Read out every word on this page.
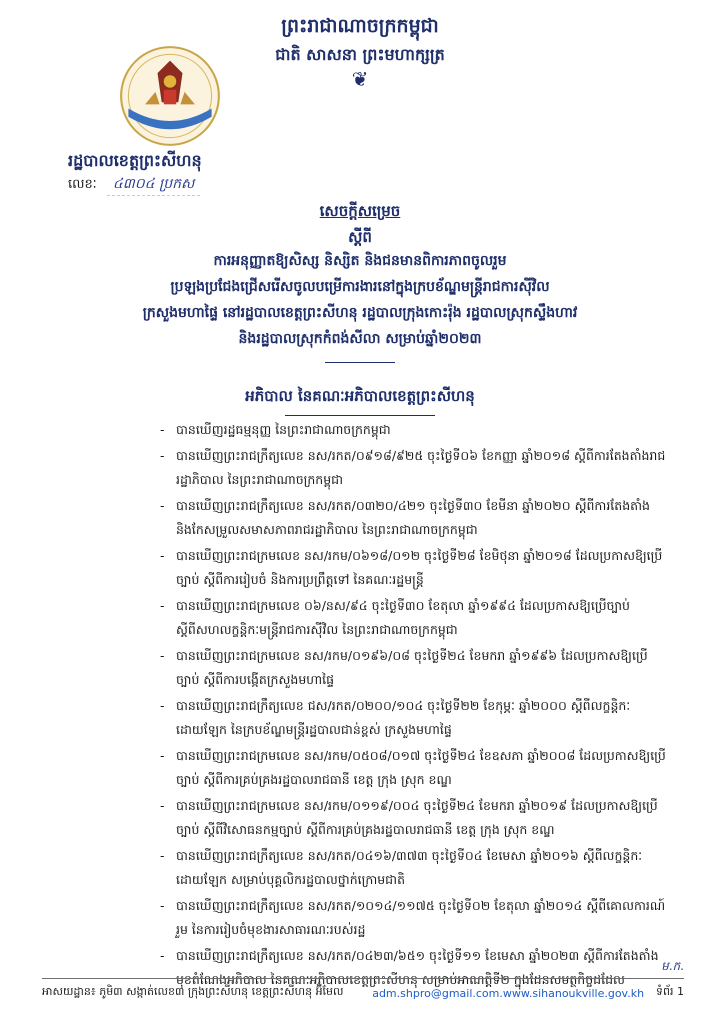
ព្រះរាជាណាចក្រកម្ពុជា
ជាតិ សាសនា ព្រះមហាក្សត្រ
❦
រដ្ឋបាលខេត្តព្រះសីហនុ
លេខៈ ៤៣០៤ ប្រកស
សេចក្ដីសម្រេច
ស្ដីពី
ការអនុញ្ញាតឱ្យសិស្ស និស្សិត និងជនមានពិការភាពចូលរួម
ប្រឡងប្រជែងជ្រើសរើសចូលបម្រើការងារនៅក្នុងក្របខ័ណ្ឌមន្ត្រីរាជការស៊ីវិល
ក្រសួងមហាផ្ទៃ នៅរដ្ឋបាលខេត្តព្រះសីហនុ រដ្ឋបាលក្រុងកោះរ៉ុង រដ្ឋបាលស្រុកស្ទឹងហាវ
និងរដ្ឋបាលស្រុកកំពង់សីលា សម្រាប់ឆ្នាំ២០២៣
អភិបាល នៃគណៈអភិបាលខេត្តព្រះសីហនុ
- បានឃើញរដ្ឋធម្មនុញ្ញ នៃព្រះរាជាណាចក្រកម្ពុជា
- បានឃើញព្រះរាជក្រឹត្យលេខ នស/រកត/០៩១៨/៩២៥ ចុះថ្ងៃទី០៦ ខែកញ្ញា ឆ្នាំ២០១៨ ស្ដីពីការតែងតាំងរាជរដ្ឋាភិបាល នៃព្រះរាជាណាចក្រកម្ពុជា
- បានឃើញព្រះរាជក្រឹត្យលេខ នស/រកត/០៣២០/៤២១ ចុះថ្ងៃទី៣០ ខែមីនា ឆ្នាំ២០២០ ស្ដីពីការតែងតាំង និងកែសម្រួលសមាសភាពរាជរដ្ឋាភិបាល នៃព្រះរាជាណាចក្រកម្ពុជា
- បានឃើញព្រះរាជក្រមលេខ នស/រកម/០៦១៨/០១២ ចុះថ្ងៃទី២៨ ខែមិថុនា ឆ្នាំ២០១៨ ដែលប្រកាសឱ្យប្រើច្បាប់ ស្ដីពីការរៀបចំ និងការប្រព្រឹត្តទៅ នៃគណៈរដ្ឋមន្ត្រី
- បានឃើញព្រះរាជក្រមលេខ ០៦/នស/៩៤ ចុះថ្ងៃទី៣០ ខែតុលា ឆ្នាំ១៩៩៤ ដែលប្រកាសឱ្យប្រើច្បាប់ ស្ដីពីសហលក្ខន្តិកៈមន្ត្រីរាជការស៊ីវិល នៃព្រះរាជាណាចក្រកម្ពុជា
- បានឃើញព្រះរាជក្រមលេខ នស/រកម/០១៩៦/០៨ ចុះថ្ងៃទី២៤ ខែមករា ឆ្នាំ១៩៩៦ ដែលប្រកាសឱ្យប្រើច្បាប់ ស្ដីពីការបង្កើតក្រសួងមហាផ្ទៃ
- បានឃើញព្រះរាជក្រឹត្យលេខ ជស/រកត/០២០០/១០៤ ចុះថ្ងៃទី២២ ខែកុម្ភៈ ឆ្នាំ២០០០ ស្ដីពីលក្ខន្តិកៈដោយឡែក នៃក្របខ័ណ្ឌមន្ត្រីរដ្ឋបាលជាន់ខ្ពស់ ក្រសួងមហាផ្ទៃ
- បានឃើញព្រះរាជក្រមលេខ នស/រកម/០៥០៨/០១៧ ចុះថ្ងៃទី២៤ ខែឧសភា ឆ្នាំ២០០៨ ដែលប្រកាសឱ្យប្រើច្បាប់ ស្ដីពីការគ្រប់គ្រងរដ្ឋបាលរាជធានី ខេត្ត ក្រុង ស្រុក ខណ្ឌ
- បានឃើញព្រះរាជក្រមលេខ នស/រកម/០១១៩/០០៤ ចុះថ្ងៃទី២៤ ខែមករា ឆ្នាំ២០១៩ ដែលប្រកាសឱ្យប្រើច្បាប់ ស្ដីពីវិសោធនកម្មច្បាប់ ស្ដីពីការគ្រប់គ្រងរដ្ឋបាលរាជធានី ខេត្ត ក្រុង ស្រុក ខណ្ឌ
- បានឃើញព្រះរាជក្រឹត្យលេខ នស/រកត/០៤១៦/៣៧៣ ចុះថ្ងៃទី០៤ ខែមេសា ឆ្នាំ២០១៦ ស្ដីពីលក្ខន្តិកៈដោយឡែក សម្រាប់បុគ្គលិករដ្ឋបាលថ្នាក់ក្រោមជាតិ
- បានឃើញព្រះរាជក្រឹត្យលេខ នស/រកត/១០១៤/១១៧៥ ចុះថ្ងៃទី០២ ខែតុលា ឆ្នាំ២០១៤ ស្ដីពីគោលការណ៍រួម នៃការរៀបចំមុខងារសាធារណៈរបស់រដ្ឋ
- បានឃើញព្រះរាជក្រឹត្យលេខ នស/រកត/០៤២៣/៦៥១ ចុះថ្ងៃទី១១ ខែមេសា ឆ្នាំ២០២៣ ស្ដីពីការតែងតាំងមុខតំណែងអភិបាល នៃគណៈអភិបាលខេត្តព្រះសីហនុ សម្រាប់អាណត្តិទី២ ក្នុងដែនសមត្ថកិច្ចដដែល
ម.ក.
អាសយដ្ឋាន៖ ភូមិ៣ សង្កាត់លេខ៣ ក្រុងព្រះសីហនុ ខេត្តព្រះសីហនុ អ៊ីមែល	adm.shpro@gmail.com.www.sihanoukville.gov.kh ទំព័រ 1
